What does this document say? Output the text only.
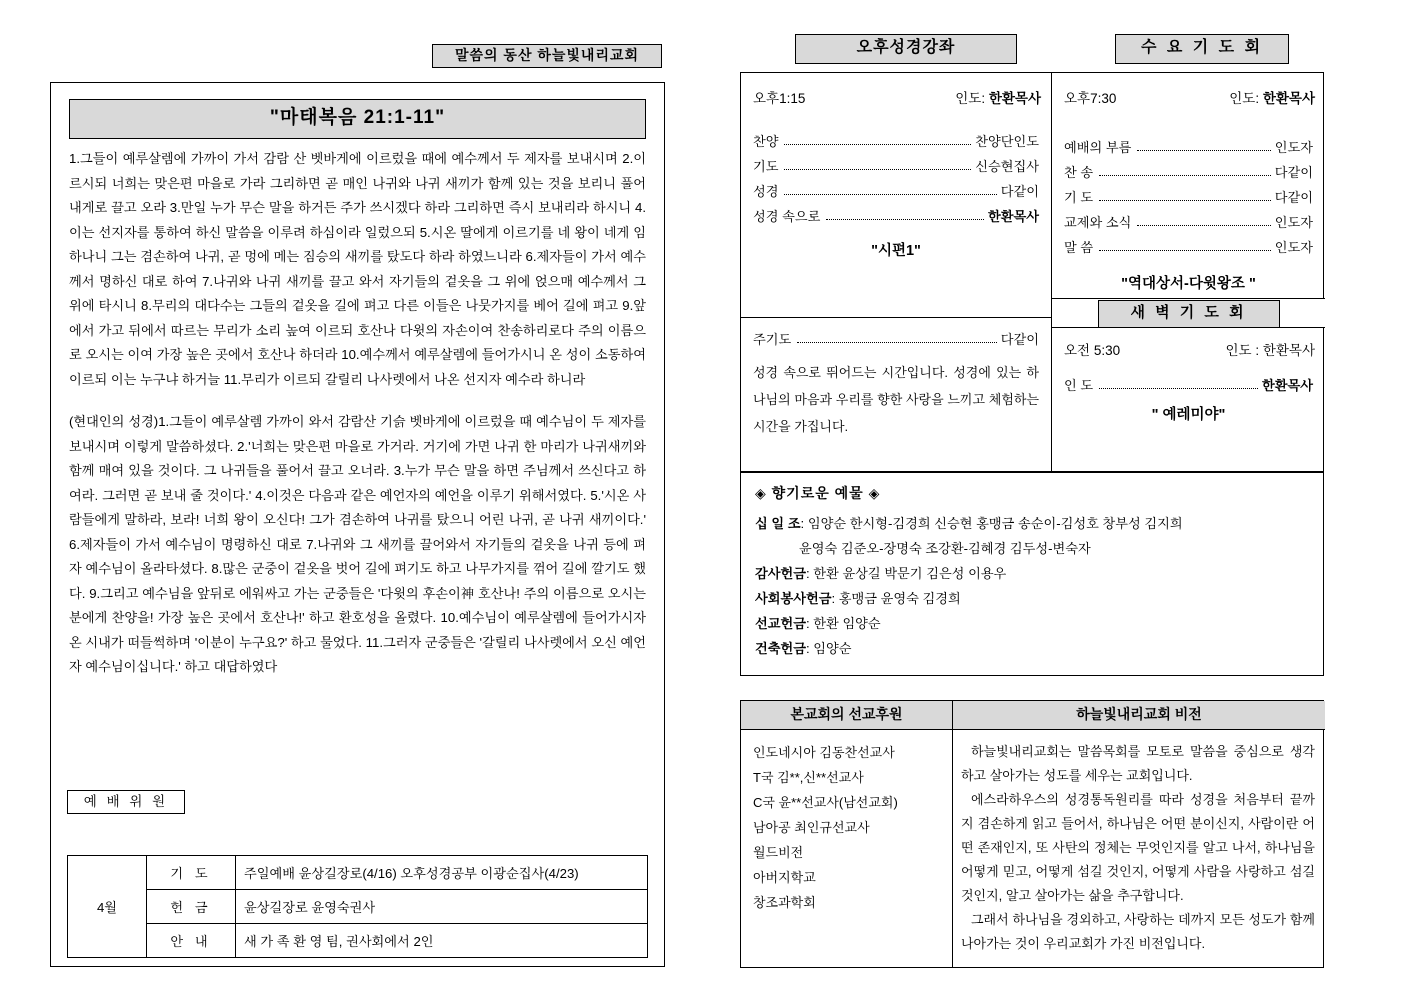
말씀의 동산 하늘빛내리교회
"마태복음 21:1-11"
1.그들이 예루살렘에 가까이 가서 감람 산 벳바게에 이르렀을 때에 예수께서 두 제자를 보내시며 2.이르시되 너희는 맞은편 마을로 가라 그리하면 곧 매인 나귀와 나귀 새끼가 함께 있는 것을 보리니 풀어 내게로 끌고 오라 3.만일 누가 무슨 말을 하거든 주가 쓰시겠다 하라 그리하면 즉시 보내리라 하시니 4.이는 선지자를 통하여 하신 말씀을 이루려 하심이라 일렀으되 5.시온 딸에게 이르기를 네 왕이 네게 임하나니 그는 겸손하여 나귀, 곧 멍에 메는 짐승의 새끼를 탔도다 하라 하였느니라 6.제자들이 가서 예수께서 명하신 대로 하여 7.나귀와 나귀 새끼를 끌고 와서 자기들의 겉옷을 그 위에 얹으매 예수께서 그 위에 타시니 8.무리의 대다수는 그들의 겉옷을 길에 펴고 다른 이들은 나뭇가지를 베어 길에 펴고 9.앞에서 가고 뒤에서 따르는 무리가 소리 높여 이르되 호산나 다윗의 자손이여 찬송하리로다 주의 이름으로 오시는 이여 가장 높은 곳에서 호산나 하더라 10.예수께서 예루살렘에 들어가시니 온 성이 소동하여 이르되 이는 누구냐 하거늘 11.무리가 이르되 갈릴리 나사렛에서 나온 선지자 예수라 하니라
(현대인의 성경)1.그들이 예루살렘 가까이 와서 감람산 기슭 벳바게에 이르렀을 때 예수님이 두 제자를 보내시며 이렇게 말씀하셨다. 2.'너희는 맞은편 마을로 가거라. 거기에 가면 나귀 한 마리가 나귀새끼와 함께 매여 있을 것이다. 그 나귀들을 풀어서 끌고 오너라. 3.누가 무슨 말을 하면 주님께서 쓰신다고 하여라. 그러면 곧 보내 줄 것이다.' 4.이것은 다음과 같은 예언자의 예언을 이루기 위해서였다. 5.'시온 사람들에게 말하라, 보라! 너희 왕이 오신다! 그가 겸손하여 나귀를 탔으니 어린 나귀, 곧 나귀 새끼이다.' 6.제자들이 가서 예수님이 명령하신 대로 7.나귀와 그 새끼를 끌어와서 자기들의 겉옷을 나귀 등에 펴자 예수님이 올라타셨다. 8.많은 군중이 겉옷을 벗어 길에 펴기도 하고 나무가지를 꺾어 길에 깔기도 했다. 9.그리고 예수님을 앞뒤로 에워싸고 가는 군중들은 '다윗의 후손이神 호산나! 주의 이름으로 오시는 분에게 찬양을! 가장 높은 곳에서 호산나!' 하고 환호성을 올렸다. 10.예수님이 예루살렘에 들어가시자 온 시내가 떠들썩하며 '이분이 누구요?' 하고 물었다. 11.그러자 군중들은 '갈릴리 나사렛에서 오신 예언자 예수님이십니다.' 하고 대답하였다
예 배 위 원
4월	기 도	주일예배 윤상길장로(4/16) 오후성경공부 이광순집사(4/23)
	헌 금	윤상길장로 윤영숙권사
	안 내	새 가 족 환 영 팀, 권사회에서 2인
오후성경강좌	수 요 기 도 회
오후1:15	인도: 한환목사
찬양	찬양단인도
기도	신승현집사
성경	다같이
성경 속으로	한환목사
"시편1"
주기도	다같이
성경 속으로 뛰어드는 시간입니다. 성경에 있는 하나님의 마음과 우리를 향한 사랑을 느끼고 체험하는 시간을 가집니다.
오후7:30	인도: 한환목사
예배의 부름	인도자
찬 송	다같이
기 도	다같이
교제와 소식	인도자
말 씀	인도자
"역대상서-다윗왕조 "
새 벽 기 도 회
오전 5:30	인도 : 한환목사
인 도	한환목사
" 예레미야"
◈ 향기로운 예물 ◈
십 일 조: 임양순 한시형-김경희 신승현 홍맹금 송순이-김성호 창부성 김지희
윤영숙 김준오-장명숙 조강환-김혜경 김두성-변숙자
감사헌금: 한환 윤상길 박문기 김은성 이용우
사회봉사헌금: 홍맹금 윤영숙 김경희
선교헌금: 한환 임양순
건축헌금: 임양순
본교회의 선교후원
인도네시아 김동찬선교사
T국 김**,신**선교사
C국 윤**선교사(남선교회)
남아공 최인규선교사
월드비전
아버지학교
창조과학회
하늘빛내리교회 비전

하늘빛내리교회는 말씀목회를 모토로 말씀을 중심으로 생각하고 살아가는 성도를 세우는 교회입니다.

에스라하우스의 성경통독원리를 따라 성경을 처음부터 끝까지 겸손하게 읽고 들어서, 하나님은 어떤 분이신지, 사람이란 어떤 존재인지, 또 사탄의 정체는 무엇인지를 알고 나서, 하나님을 어떻게 믿고, 어떻게 섬길 것인지, 어떻게 사람을 사랑하고 섬길 것인지, 알고 살아가는 삶을 추구합니다.

그래서 하나님을 경외하고, 사랑하는 데까지 모든 성도가 함께 나아가는 것이 우리교회가 가진 비전입니다.
